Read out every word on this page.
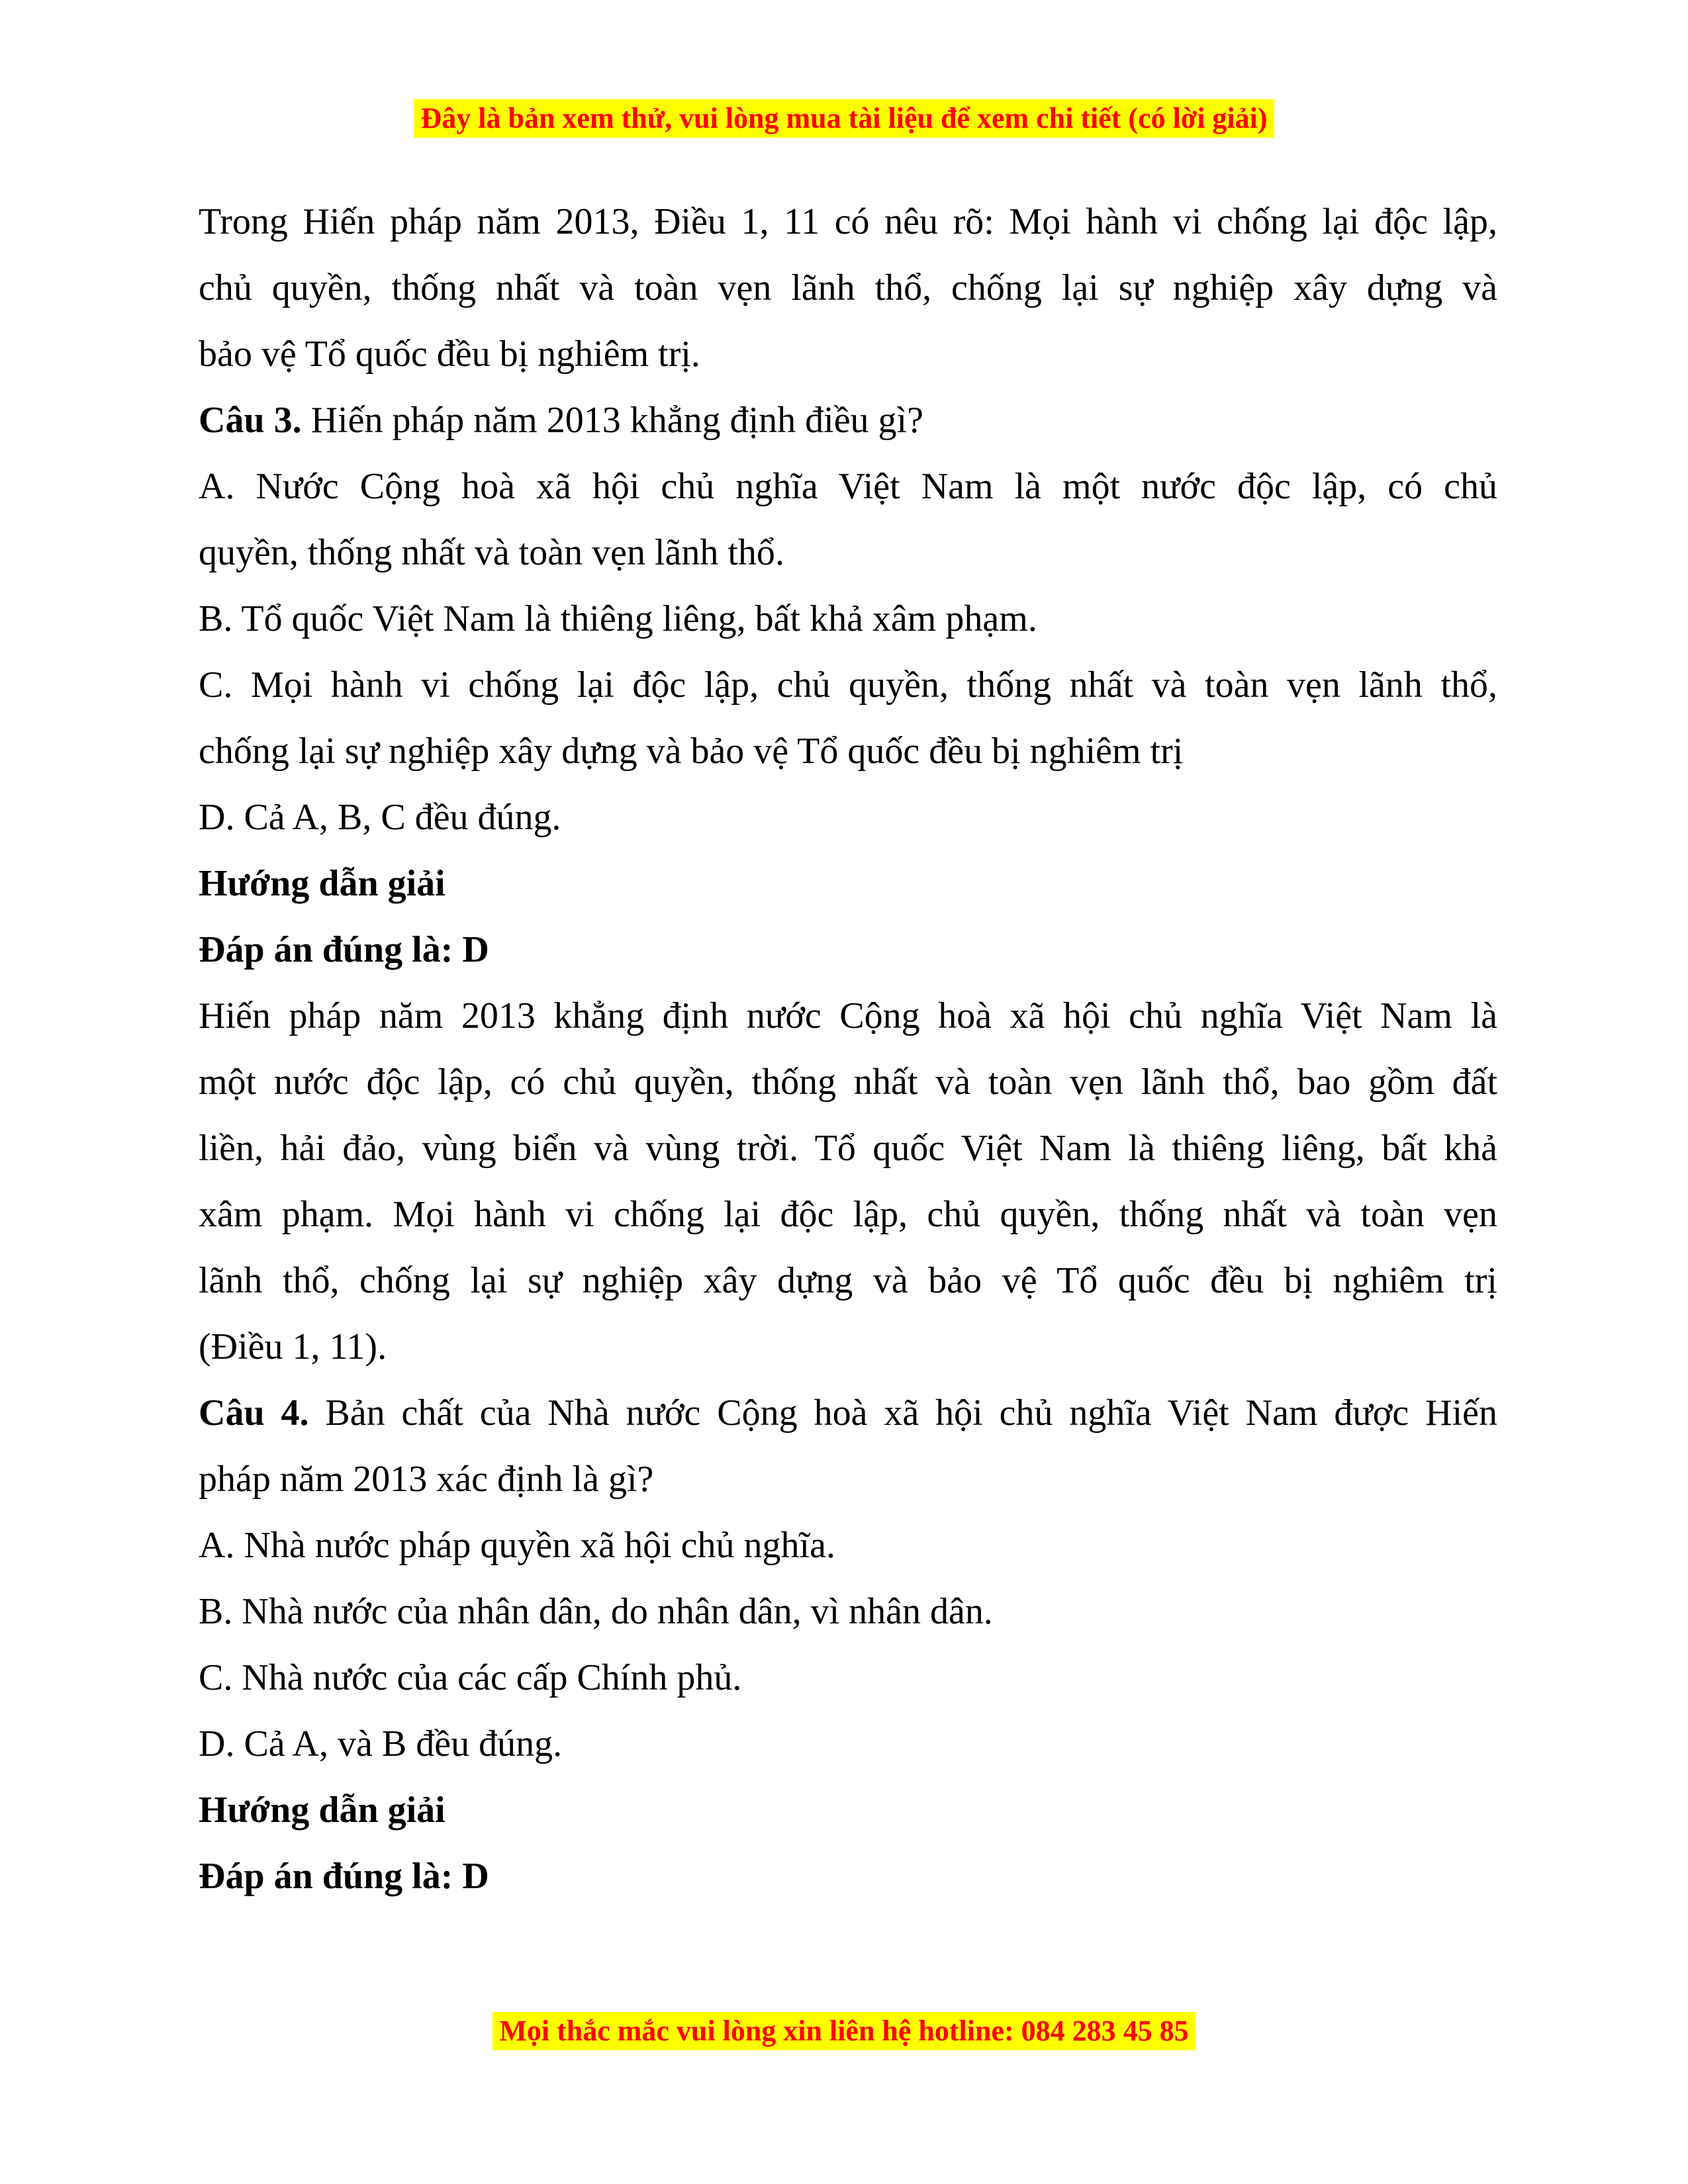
Đây là bản xem thử, vui lòng mua tài liệu để xem chi tiết (có lời giải)
Trong Hiến pháp năm 2013, Điều 1, 11 có nêu rõ: Mọi hành vi chống lại độc lập,
chủ quyền, thống nhất và toàn vẹn lãnh thổ, chống lại sự nghiệp xây dựng và
bảo vệ Tổ quốc đều bị nghiêm trị.
Câu 3. Hiến pháp năm 2013 khẳng định điều gì?
A. Nước Cộng hoà xã hội chủ nghĩa Việt Nam là một nước độc lập, có chủ
quyền, thống nhất và toàn vẹn lãnh thổ.
B. Tổ quốc Việt Nam là thiêng liêng, bất khả xâm phạm.
C. Mọi hành vi chống lại độc lập, chủ quyền, thống nhất và toàn vẹn lãnh thổ,
chống lại sự nghiệp xây dựng và bảo vệ Tổ quốc đều bị nghiêm trị
D. Cả A, B, C đều đúng.
Hướng dẫn giải
Đáp án đúng là: D
Hiến pháp năm 2013 khẳng định nước Cộng hoà xã hội chủ nghĩa Việt Nam là
một nước độc lập, có chủ quyền, thống nhất và toàn vẹn lãnh thổ, bao gồm đất
liền, hải đảo, vùng biển và vùng trời. Tổ quốc Việt Nam là thiêng liêng, bất khả
xâm phạm. Mọi hành vi chống lại độc lập, chủ quyền, thống nhất và toàn vẹn
lãnh thổ, chống lại sự nghiệp xây dựng và bảo vệ Tổ quốc đều bị nghiêm trị
(Điều 1, 11).
Câu 4. Bản chất của Nhà nước Cộng hoà xã hội chủ nghĩa Việt Nam được Hiến
pháp năm 2013 xác định là gì?
A. Nhà nước pháp quyền xã hội chủ nghĩa.
B. Nhà nước của nhân dân, do nhân dân, vì nhân dân.
C. Nhà nước của các cấp Chính phủ.
D. Cả A, và B đều đúng.
Hướng dẫn giải
Đáp án đúng là: D
Mọi thắc mắc vui lòng xin liên hệ hotline: 084 283 45 85
